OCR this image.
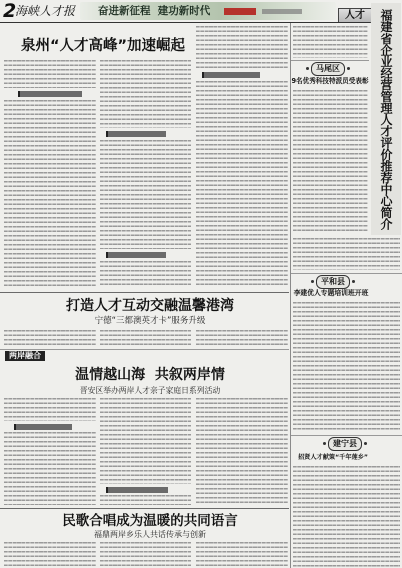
2
海峡人才报 奋进新征程  建功新时代	人才
泉州“人才高峰”加速崛起
打造人才互动交融温馨港湾
宁德“三都澳英才卡”服务升级
两岸融合
温情越山海  共叙两岸情
晋安区举办两岸人才亲子家庭日系列活动
民歌合唱成为温暖的共同语言
福鼎两岸乡乐人共话传承与创新
福建省企业经营管理人才评价推荐中心简介
马尾区
9名优秀科技特派员受表彰
平和县
李建优人专题培训班开班
建宁县
招贤人才献策“千年莲乡”
